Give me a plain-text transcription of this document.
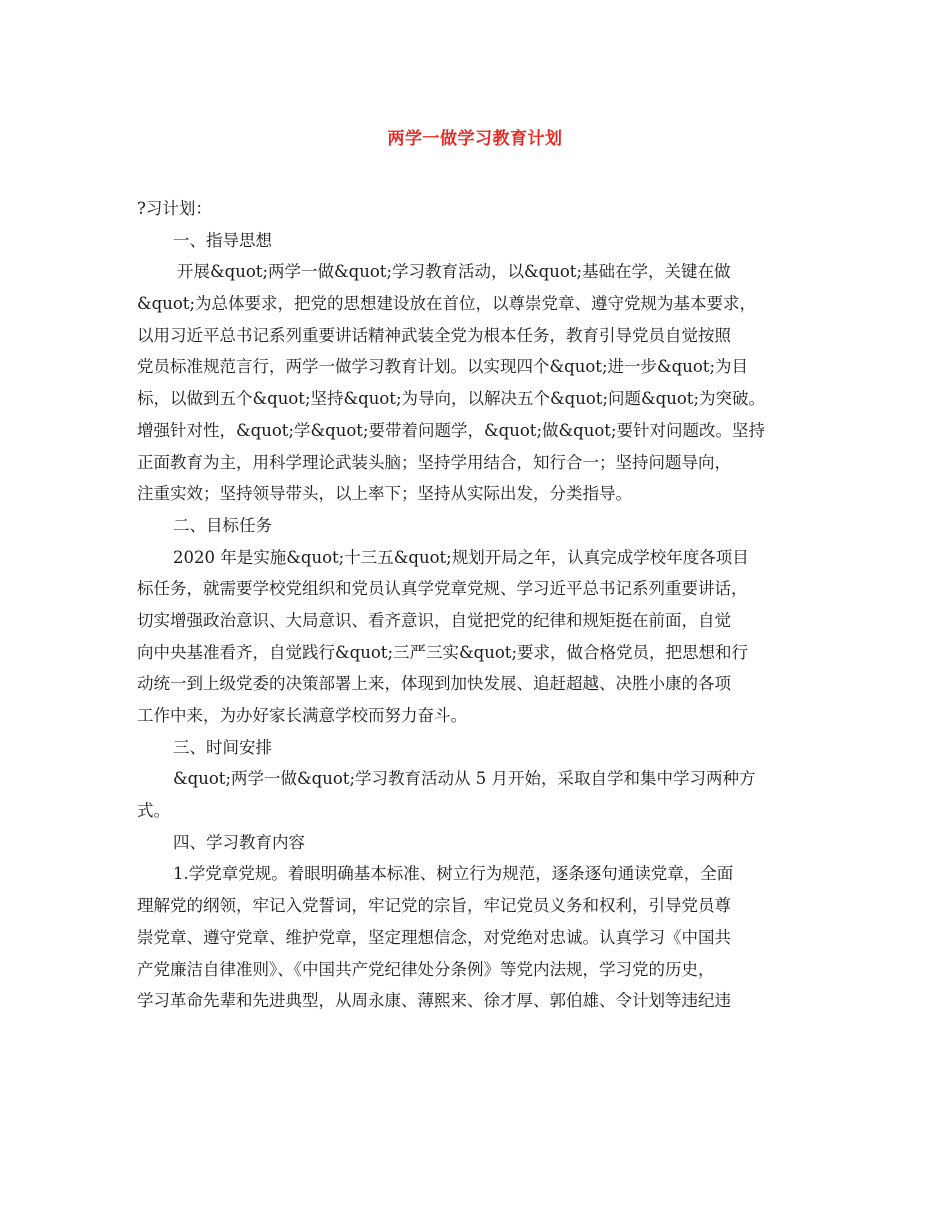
两学一做学习教育计划
?习计划：
一、指导思想
开展&quot;两学一做&quot;学习教育活动，以&quot;基础在学，关键在做
&quot;为总体要求，把党的思想建设放在首位，以尊崇党章、遵守党规为基本要求，
以用习近平总书记系列重要讲话精神武装全党为根本任务，教育引导党员自觉按照
党员标准规范言行，两学一做学习教育计划。以实现四个&quot;进一步&quot;为目
标，以做到五个&quot;坚持&quot;为导向，以解决五个&quot;问题&quot;为突破。
增强针对性，&quot;学&quot;要带着问题学，&quot;做&quot;要针对问题改。坚持
正面教育为主，用科学理论武装头脑；坚持学用结合，知行合一；坚持问题导向，
注重实效；坚持领导带头，以上率下；坚持从实际出发，分类指导。
二、目标任务
2020 年是实施&quot;十三五&quot;规划开局之年，认真完成学校年度各项目
标任务，就需要学校党组织和党员认真学党章党规、学习近平总书记系列重要讲话，
切实增强政治意识、大局意识、看齐意识，自觉把党的纪律和规矩挺在前面，自觉
向中央基准看齐，自觉践行&quot;三严三实&quot;要求，做合格党员，把思想和行
动统一到上级党委的决策部署上来，体现到加快发展、追赶超越、决胜小康的各项
工作中来，为办好家长满意学校而努力奋斗。
三、时间安排
&quot;两学一做&quot;学习教育活动从 5 月开始，采取自学和集中学习两种方
式。
四、学习教育内容
1.学党章党规。着眼明确基本标准、树立行为规范，逐条逐句通读党章，全面
理解党的纲领，牢记入党誓词，牢记党的宗旨，牢记党员义务和权利，引导党员尊
崇党章、遵守党章、维护党章，坚定理想信念，对党绝对忠诚。认真学习《中国共
产党廉洁自律准则》、《中国共产党纪律处分条例》等党内法规，学习党的历史，
学习革命先辈和先进典型，从周永康、薄熙来、徐才厚、郭伯雄、令计划等违纪违
